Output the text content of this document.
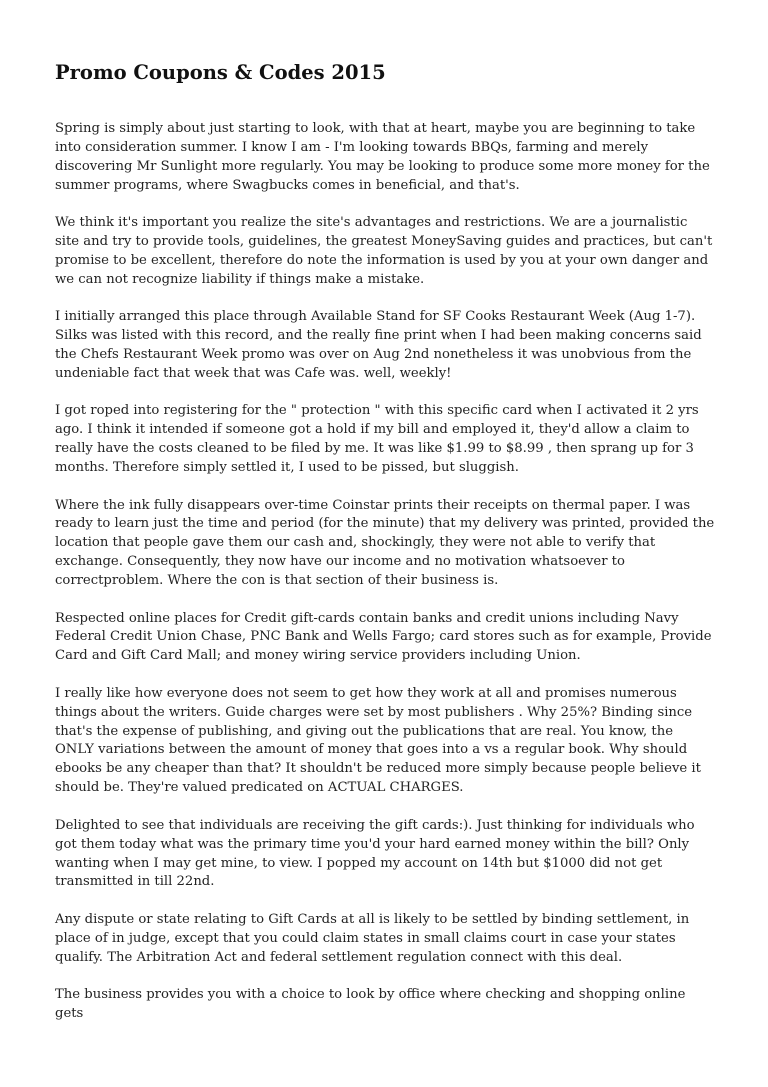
Promo Coupons & Codes 2015

Spring is simply about just starting to look, with that at heart, maybe you are beginning to take into consideration summer. I know I am - I'm looking towards BBQs, farming and merely discovering Mr Sunlight more regularly. You may be looking to produce some more money for the summer programs, where Swagbucks comes in beneficial, and that's.

We think it's important you realize the site's advantages and restrictions. We are a journalistic site and try to provide tools, guidelines, the greatest MoneySaving guides and practices, but can't promise to be excellent, therefore do note the information is used by you at your own danger and we can not recognize liability if things make a mistake.

I initially arranged this place through Available Stand for SF Cooks Restaurant Week (Aug 1-7). Silks was listed with this record, and the really fine print when I had been making concerns said the Chefs Restaurant Week promo was over on Aug 2nd nonetheless it was unobvious from the undeniable fact that week that was Cafe was. well, weekly!

I got roped into registering for the " protection " with this specific card when I activated it 2 yrs ago. I think it intended if someone got a hold if my bill and employed it, they'd allow a claim to really have the costs cleaned to be filed by me. It was like $1.99 to $8.99 , then sprang up for 3 months. Therefore simply settled it, I used to be pissed, but sluggish.

Where the ink fully disappears over-time Coinstar prints their receipts on thermal paper. I was ready to learn just the time and period (for the minute) that my delivery was printed, provided the location that people gave them our cash and, shockingly, they were not able to verify that exchange. Consequently, they now have our income and no motivation whatsoever to correctproblem. Where the con is that section of their business is.

Respected online places for Credit gift-cards contain banks and credit unions including Navy Federal Credit Union Chase, PNC Bank and Wells Fargo; card stores such as for example, Provide Card and Gift Card Mall; and money wiring service providers including Union.

I really like how everyone does not seem to get how they work at all and promises numerous things about the writers. Guide charges were set by most publishers . Why 25%? Binding since that's the expense of publishing, and giving out the publications that are real. You know, the ONLY variations between the amount of money that goes into a vs a regular book. Why should ebooks be any cheaper than that? It shouldn't be reduced more simply because people believe it should be. They're valued predicated on ACTUAL CHARGES.

Delighted to see that individuals are receiving the gift cards:). Just thinking for individuals who got them today what was the primary time you'd your hard earned money within the bill? Only wanting when I may get mine, to view. I popped my account on 14th but $1000 did not get transmitted in till 22nd.

Any dispute or state relating to Gift Cards at all is likely to be settled by binding settlement, in place of in judge, except that you could claim states in small claims court in case your states qualify. The Arbitration Act and federal settlement regulation connect with this deal.

The business provides you with a choice to look by office where checking and shopping online gets
